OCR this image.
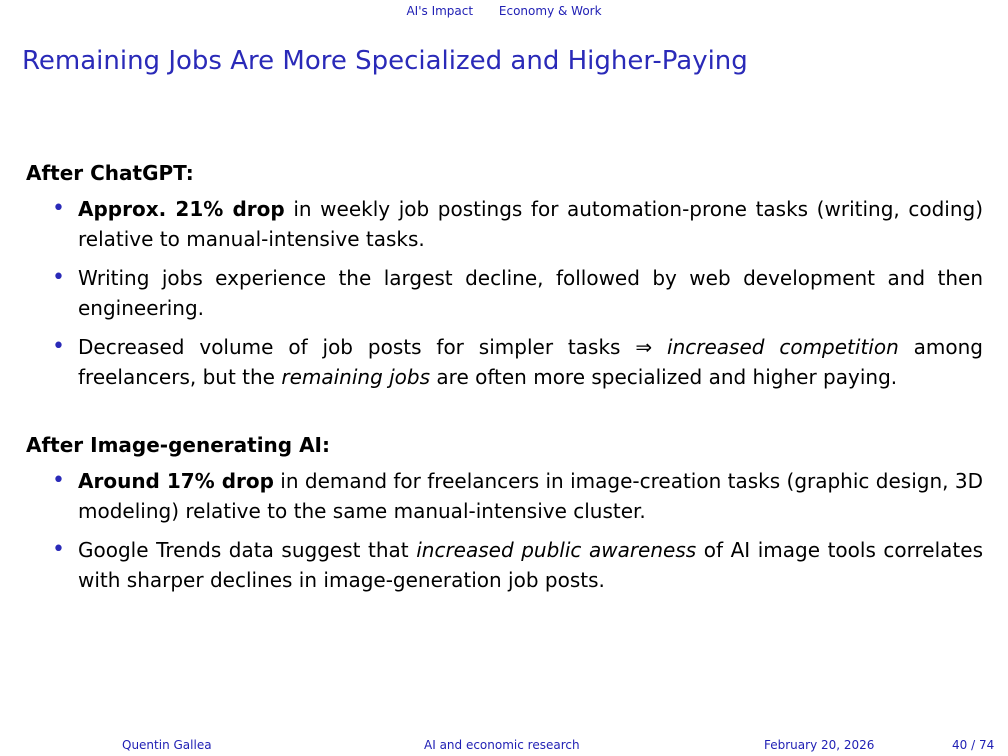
AI's Impact Economy & Work
Remaining Jobs Are More Specialized and Higher-Paying
After ChatGPT:
• Approx. 21% drop in weekly job postings for automation-prone tasks (writing, coding) relative to manual-intensive tasks.
• Writing jobs experience the largest decline, followed by web development and then engineering.
• Decreased volume of job posts for simpler tasks ⇒ increased competition among freelancers, but the remaining jobs are often more specialized and higher paying.
After Image-generating AI:
• Around 17% drop in demand for freelancers in image-creation tasks (graphic design, 3D modeling) relative to the same manual-intensive cluster.
• Google Trends data suggest that increased public awareness of AI image tools correlates with sharper declines in image-generation job posts.
Quentin Gallea	AI and economic research	February 20, 2026	40 / 74
